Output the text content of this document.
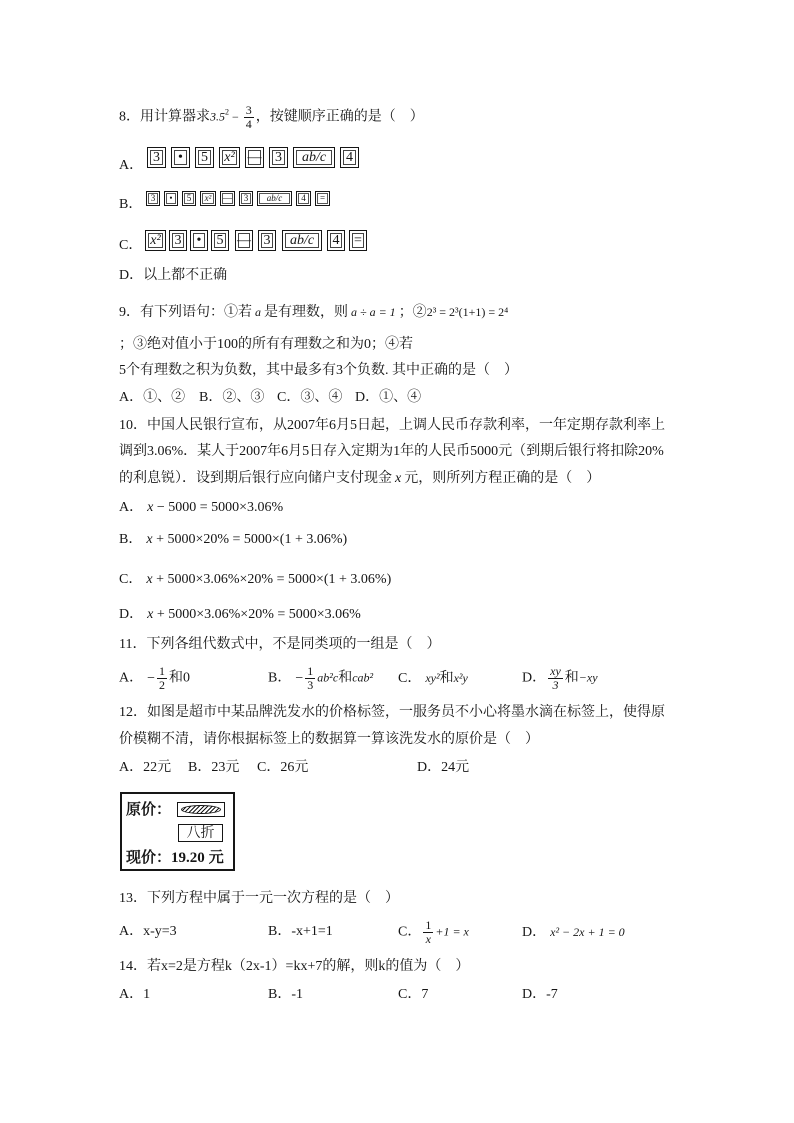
8．用计算器求$3.5^2 - \frac{3}{4}$ ，按键顺序正确的是（    ）
A．
3	•	5	x² — 3	ab/c	4
B． 3	•	5	x²	—	3	ab/c	4	=
C． x² 3	•	5 — 3	ab/c	4	=
D．以上都不正确
9．有下列语句：①若 a 是有理数，则 a ÷ a = 1 ；②2³ = 2³(1+1) = 2⁴
；③绝对值小于100的所有有理数之和为0；④若
5个有理数之积为负数，其中最多有3个负数. 其中正确的是（    ）
A．①、② B．②、③ C．③、④ D．①、④
10．中国人民银行宣布，从2007年6月5日起，上调人民币存款利率，一年定期存款利率上
调到3.06%．某人于2007年6月5日存入定期为1年的人民币5000元（到期后银行将扣除20%
的利息锐）．设到期后银行应向储户支付现金 x 元，则所列方程正确的是（    ）
A． x − 5000 = 5000×3.06%
B． x + 5000×20% = 5000×(1 + 3.06%)
C． x + 5000×3.06%×20% = 5000×(1 + 3.06%)
D． x + 5000×3.06%×20% = 5000×3.06%
11．下列各组代数式中，不是同类项的一组是（    ）
A． − $\frac{1}{2}$ 和0	B． − $\frac{1}{3} ab^2c$和cab² C． xy²和x²y	D． $\frac{xy}{3}$ 和−xy
12．如图是超市中某品牌洗发水的价格标签，一服务员不小心将墨水滴在标签上，使得原
价模糊不清，请你根据标签上的数据算一算该洗发水的原价是（    ）
A．22元 B．23元 C．26元	D．24元
原价：
八折
现价：19.20 元
13．下列方程中属于一元一次方程的是（    ）
A．x-y=3	B．-x+1=1	C． $\frac{1}{x} +1 = x$	D． x² − 2x + 1 = 0
14．若x=2是方程k（2x-1）=kx+7的解，则k的值为（    ）
A．1	B．-1	C．7	D．-7
